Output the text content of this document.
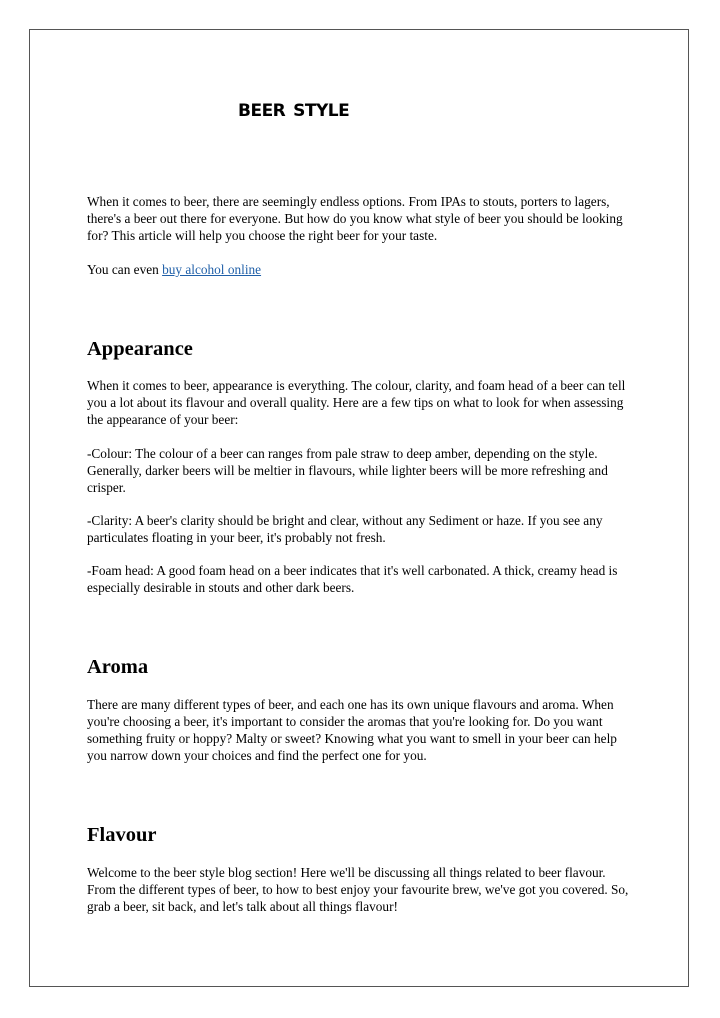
beer style

When it comes to beer, there are seemingly endless options. From IPAs to stouts, porters to lagers, there's a beer out there for everyone. But how do you know what style of beer you should be looking for? This article will help you choose the right beer for your taste.

You can even buy alcohol online

Appearance

When it comes to beer, appearance is everything. The colour, clarity, and foam head of a beer can tell you a lot about its flavour and overall quality. Here are a few tips on what to look for when assessing the appearance of your beer:

-Colour: The colour of a beer can ranges from pale straw to deep amber, depending on the style. Generally, darker beers will be meltier in flavours, while lighter beers will be more refreshing and crisper.

-Clarity: A beer's clarity should be bright and clear, without any Sediment or haze. If you see any particulates floating in your beer, it's probably not fresh.

-Foam head: A good foam head on a beer indicates that it's well carbonated. A thick, creamy head is especially desirable in stouts and other dark beers.

Aroma

There are many different types of beer, and each one has its own unique flavours and aroma. When you're choosing a beer, it's important to consider the aromas that you're looking for. Do you want something fruity or hoppy? Malty or sweet? Knowing what you want to smell in your beer can help you narrow down your choices and find the perfect one for you.

Flavour

Welcome to the beer style blog section! Here we'll be discussing all things related to beer flavour. From the different types of beer, to how to best enjoy your favourite brew, we've got you covered. So, grab a beer, sit back, and let's talk about all things flavour!
